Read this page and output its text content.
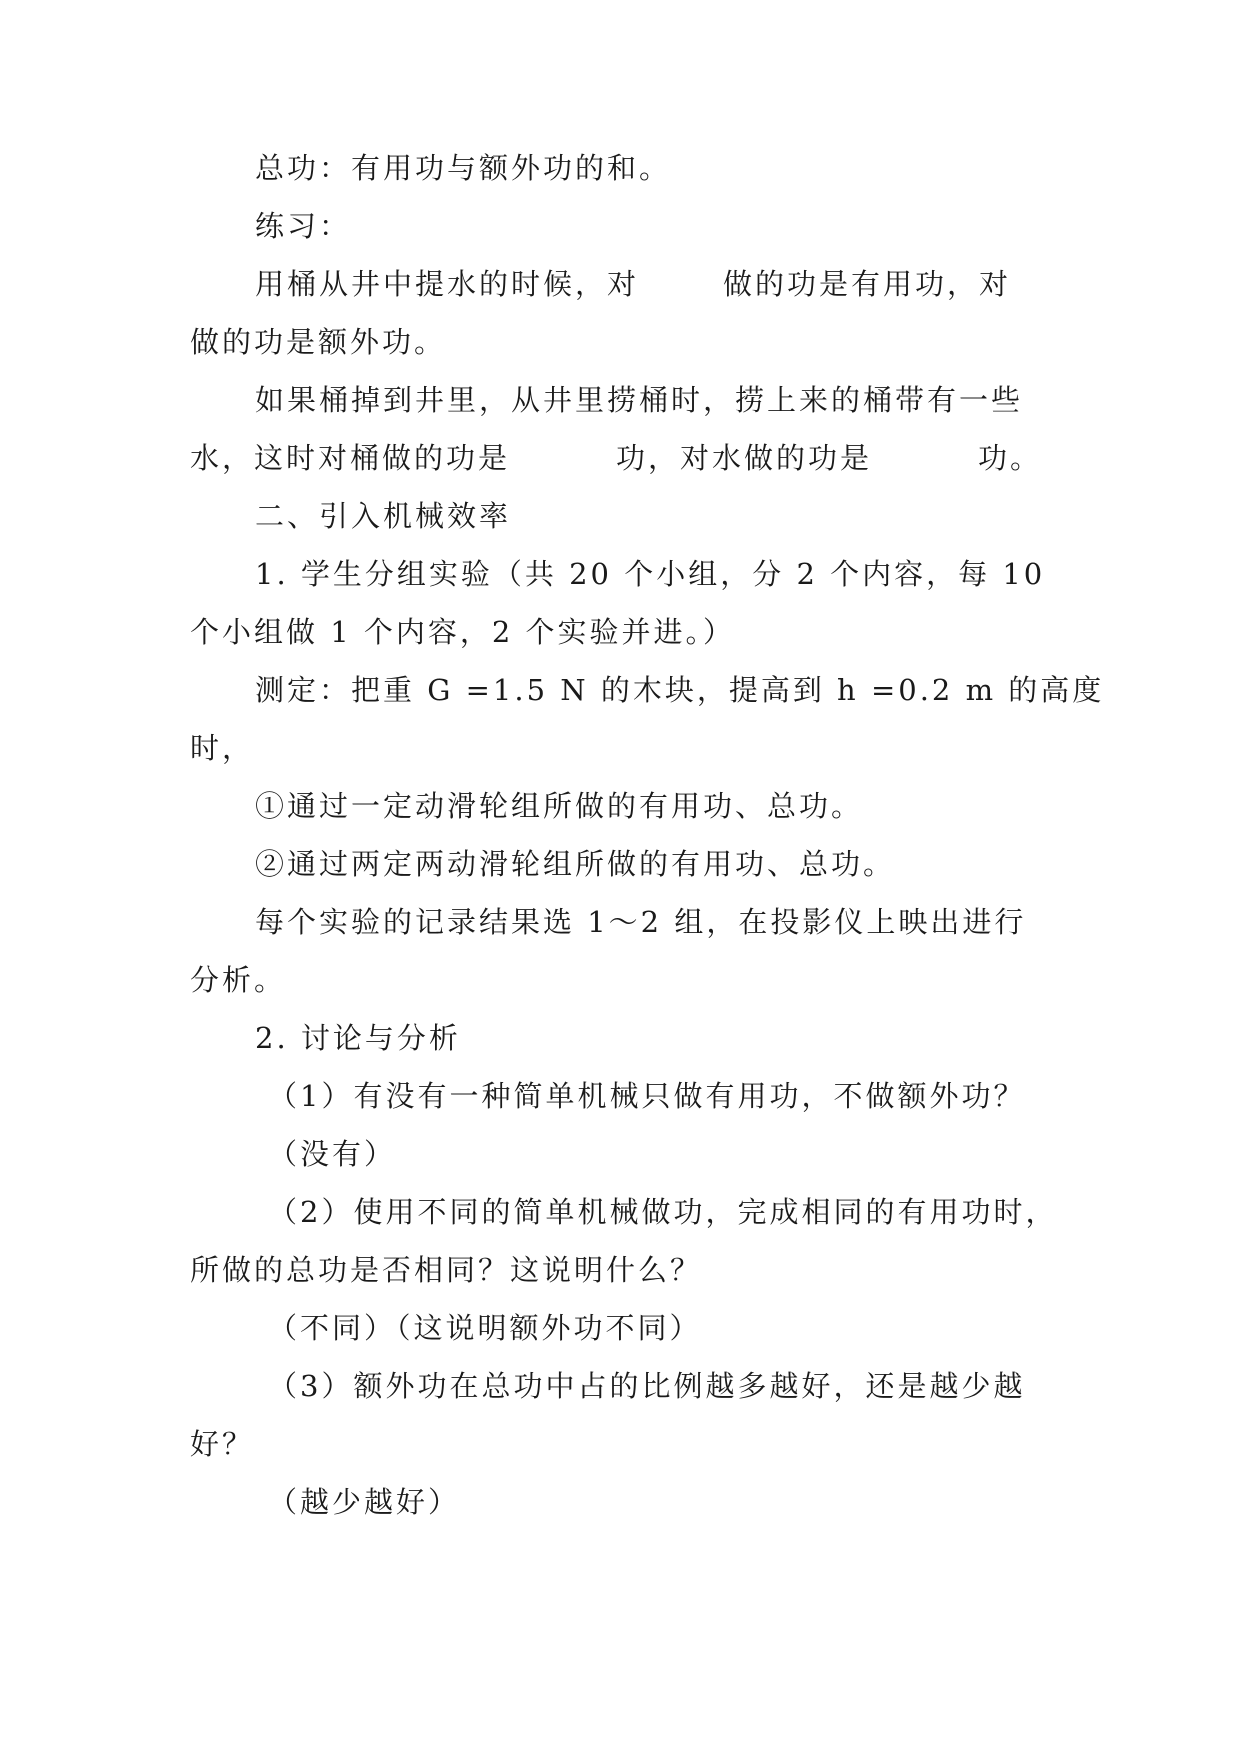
总功：有用功与额外功的和。
练习：
用桶从井中提水的时候，对	做的功是有用功，对
做的功是额外功。
如果桶掉到井里，从井里捞桶时，捞上来的桶带有一些
水，这时对桶做的功是	功，对水做的功是	功。
二、引入机械效率
1. 学生分组实验（共 20 个小组，分 2 个内容，每 10
个小组做 1 个内容，2 个实验并进。）
测定：把重 G =1.5 N 的木块，提高到 h =0.2 m 的高度
时，
①通过一定动滑轮组所做的有用功、总功。
②通过两定两动滑轮组所做的有用功、总功。
每个实验的记录结果选 1～2 组，在投影仪上映出进行
分析。
2. 讨论与分析
（1）有没有一种简单机械只做有用功，不做额外功？
（没有）
（2）使用不同的简单机械做功，完成相同的有用功时，
所做的总功是否相同？这说明什么？
（不同）（这说明额外功不同）
（3）额外功在总功中占的比例越多越好，还是越少越
好？
（越少越好）
